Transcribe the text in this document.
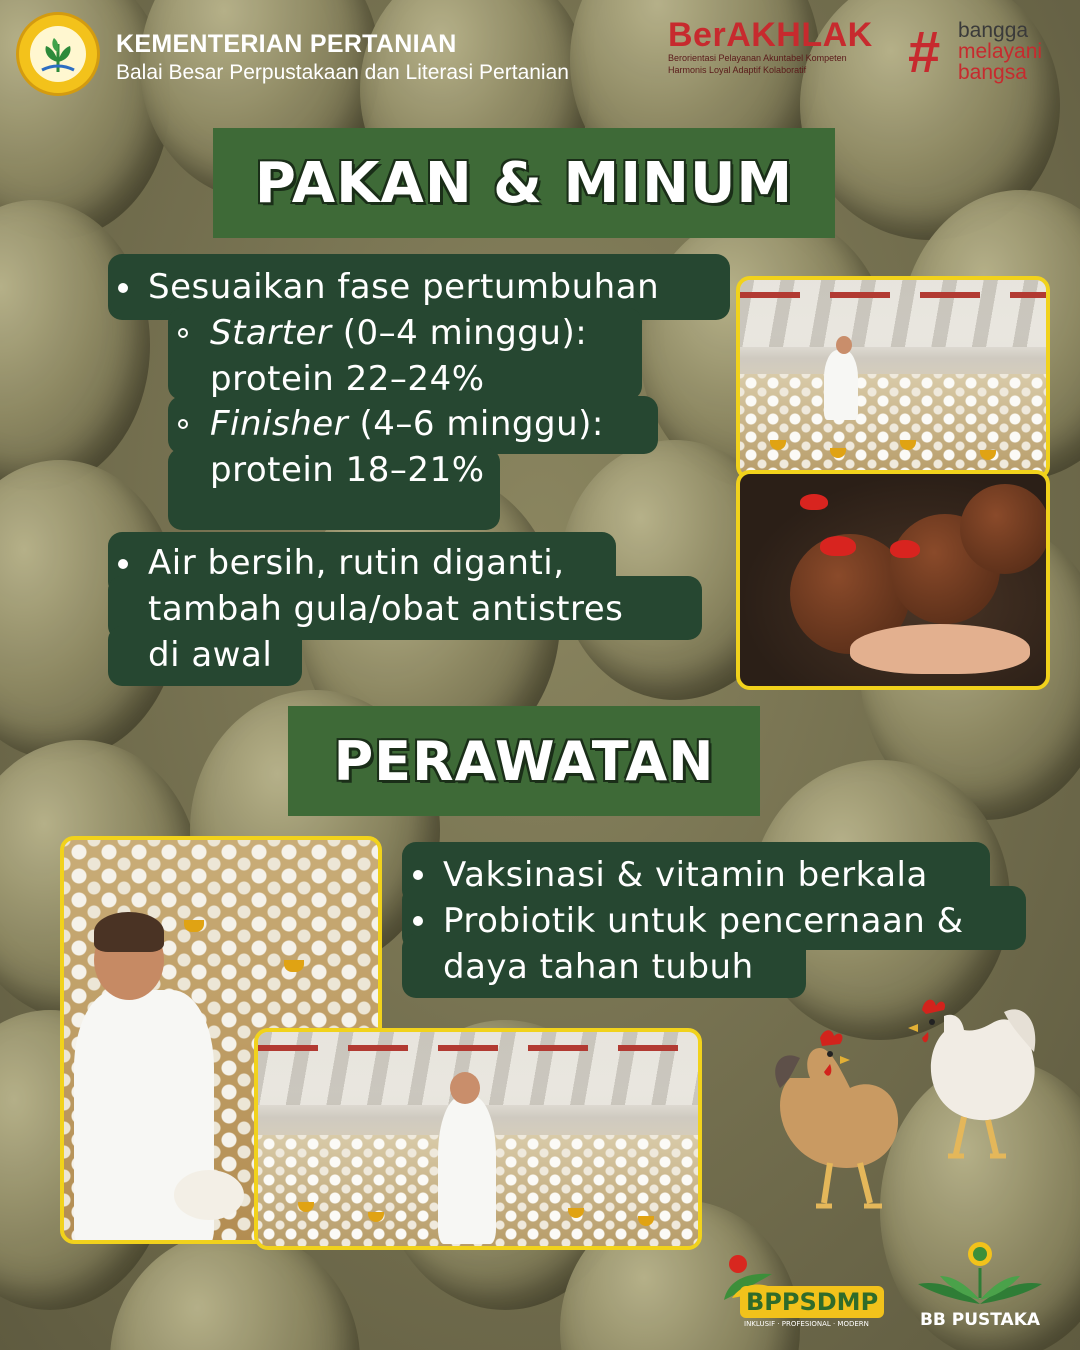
KEMENTERIAN PERTANIAN
Balai Besar Perpustakaan dan Literasi Pertanian
BerAKHLAK
Berorientasi Pelayanan Akuntabel Kompeten
Harmonis Loyal Adaptif Kolaboratif	# bangga
melayani
bangsa
PAKAN & MINUM
Sesuaikan fase pertumbuhan
Starter (0–4 minggu):
protein 22–24%
Finisher (4–6 minggu):
protein 18–21%
Air bersih, rutin diganti,
tambah gula/obat antistres
di awal
PERAWATAN
Vaksinasi & vitamin berkala
Probiotik untuk pencernaan &
daya tahan tubuh
BPPSDMP
INKLUSIF · PROFESIONAL · MODERN	BB PUSTAKA
